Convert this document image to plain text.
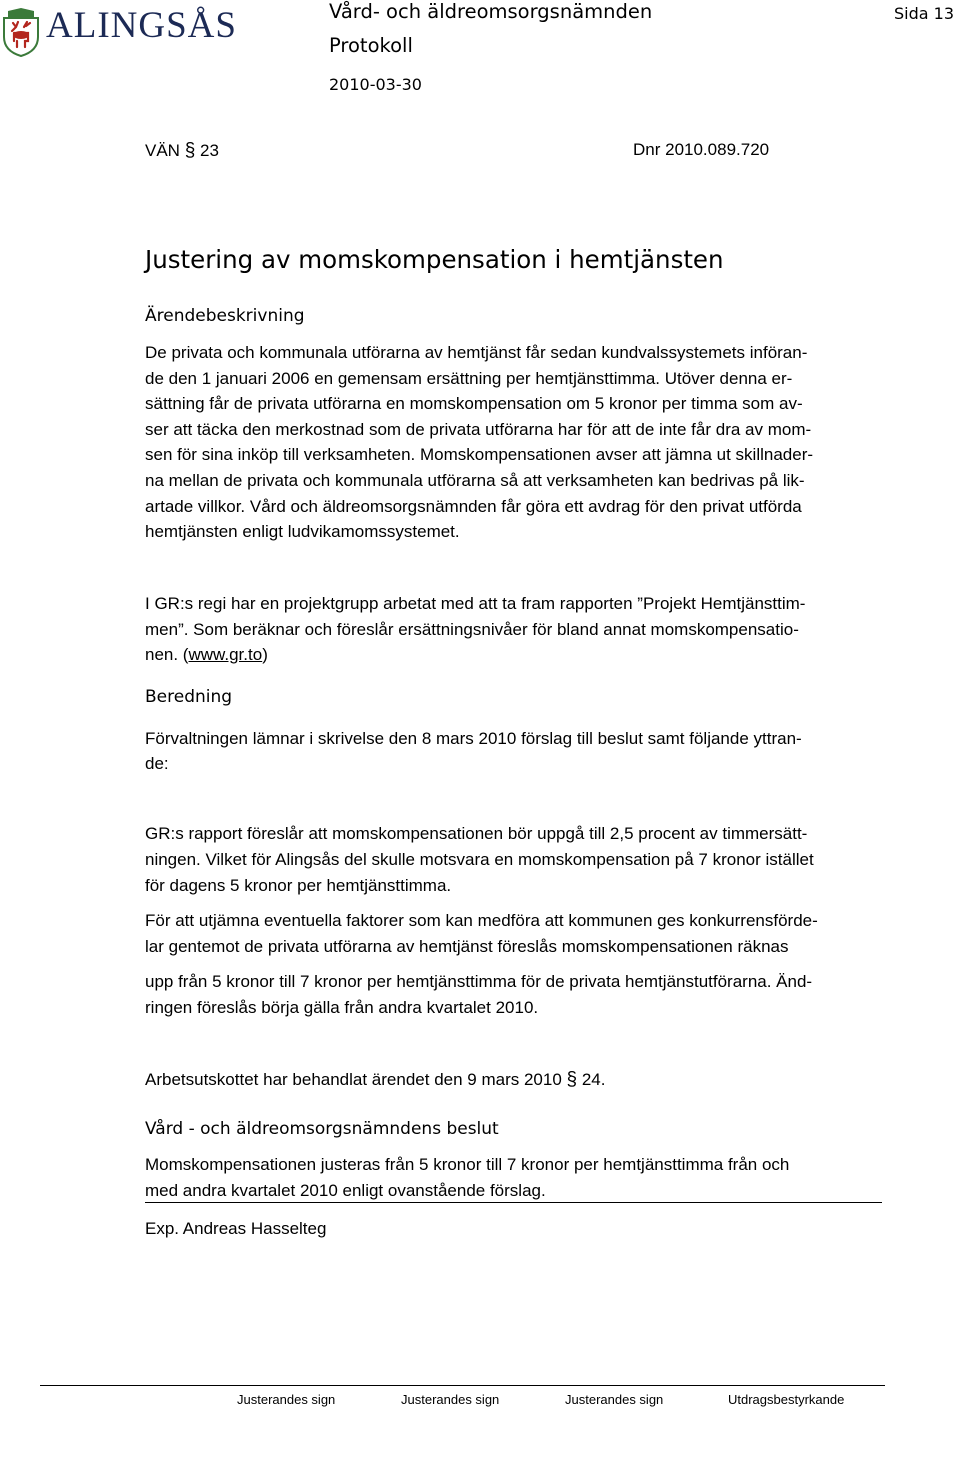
ALINGSÅS	Vård- och äldreomsorgsnämnden
Protokoll
2010-03-30
Sida 13
VÄN § 23	Dnr 2010.089.720
Justering av momskompensation i hemtjänsten
Ärendebeskrivning
De privata och kommunala utförarna av hemtjänst får sedan kundvalssystemets införan-
de den 1 januari 2006 en gemensam ersättning per hemtjänsttimma. Utöver denna er-
sättning får de privata utförarna en momskompensation om 5 kronor per timma som av-
ser att täcka den merkostnad som de privata utförarna har för att de inte får dra av mom-
sen för sina inköp till verksamheten. Momskompensationen avser att jämna ut skillnader-
na mellan de privata och kommunala utförarna så att verksamheten kan bedrivas på lik-
artade villkor. Vård och äldreomsorgsnämnden får göra ett avdrag för den privat utförda
hemtjänsten enligt ludvikamomssystemet.
I GR:s regi har en projektgrupp arbetat med att ta fram rapporten ”Projekt Hemtjänsttim-
men”. Som beräknar och föreslår ersättningsnivåer för bland annat momskompensatio-
nen. (www.gr.to)
Beredning
Förvaltningen lämnar i skrivelse den 8 mars 2010 förslag till beslut samt följande yttran-
de:
GR:s rapport föreslår att momskompensationen bör uppgå till 2,5 procent av timmersätt-
ningen. Vilket för Alingsås del skulle motsvara en momskompensation på 7 kronor istället
för dagens 5 kronor per hemtjänsttimma.
För att utjämna eventuella faktorer som kan medföra att kommunen ges konkurrensförde-
lar gentemot de privata utförarna av hemtjänst föreslås momskompensationen räknas
upp från 5 kronor till 7 kronor per hemtjänsttimma för de privata hemtjänstutförarna. Änd-
ringen föreslås börja gälla från andra kvartalet 2010.
Arbetsutskottet har behandlat ärendet den 9 mars 2010 § 24.
Vård - och äldreomsorgsnämndens beslut
Momskompensationen justeras från 5 kronor till 7 kronor per hemtjänsttimma från och
med andra kvartalet 2010 enligt ovanstående förslag.
Exp. Andreas Hasselteg
Justerandes sign	Justerandes sign	Justerandes sign	Utdragsbestyrkande
